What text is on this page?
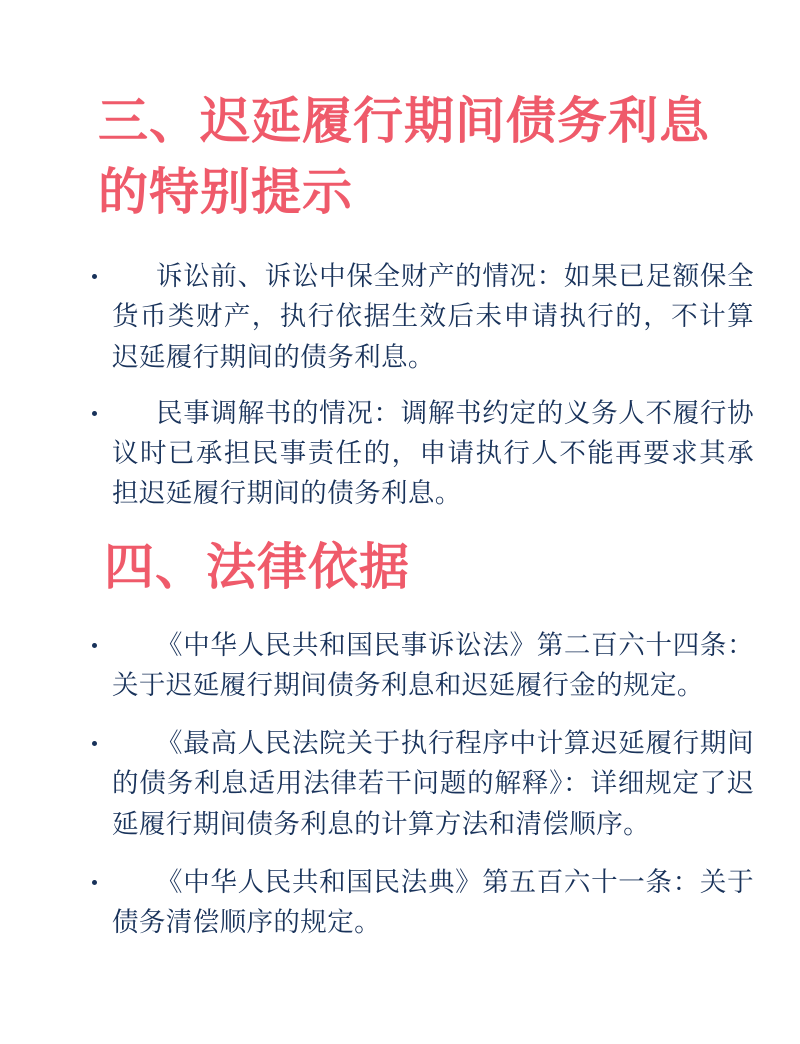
三、迟延履行期间债务利息的特别提示
诉讼前、诉讼中保全财产的情况：如果已足额保全货币类财产，执行依据生效后未申请执行的，不计算迟延履行期间的债务利息。
民事调解书的情况：调解书约定的义务人不履行协议时已承担民事责任的，申请执行人不能再要求其承担迟延履行期间的债务利息。
四、法律依据
《中华人民共和国民事诉讼法》第二百六十四条：关于迟延履行期间债务利息和迟延履行金的规定。
《最高人民法院关于执行程序中计算迟延履行期间的债务利息适用法律若干问题的解释》：详细规定了迟延履行期间债务利息的计算方法和清偿顺序。
《中华人民共和国民法典》第五百六十一条：关于债务清偿顺序的规定。
